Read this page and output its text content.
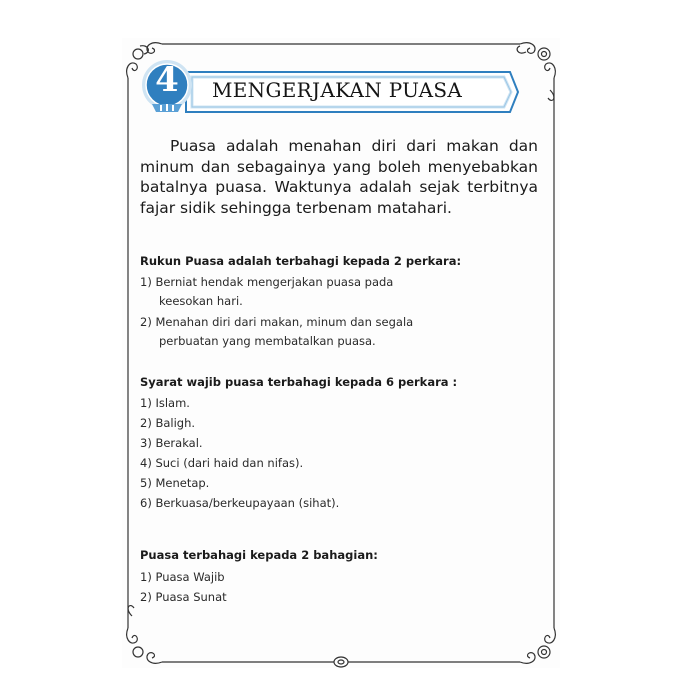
MENGERJAKAN PUASA
4

Puasa adalah menahan diri dari makan dan minum dan sebagainya yang boleh menyebabkan batalnya puasa. Waktunya adalah sejak terbitnya fajar sidik sehingga terbenam matahari.

Rukun Puasa adalah terbahagi kepada 2 perkara:

1) Berniat hendak mengerjakan puasa pada

keesokan hari.

2) Menahan diri dari makan, minum dan segala

perbuatan yang membatalkan puasa.

Syarat wajib puasa terbahagi kepada 6 perkara :

1) Islam.

2) Baligh.

3) Berakal.

4) Suci (dari haid dan nifas).

5) Menetap.

6) Berkuasa/berkeupayaan (sihat).

Puasa terbahagi kepada 2 bahagian:

1) Puasa Wajib

2) Puasa Sunat
